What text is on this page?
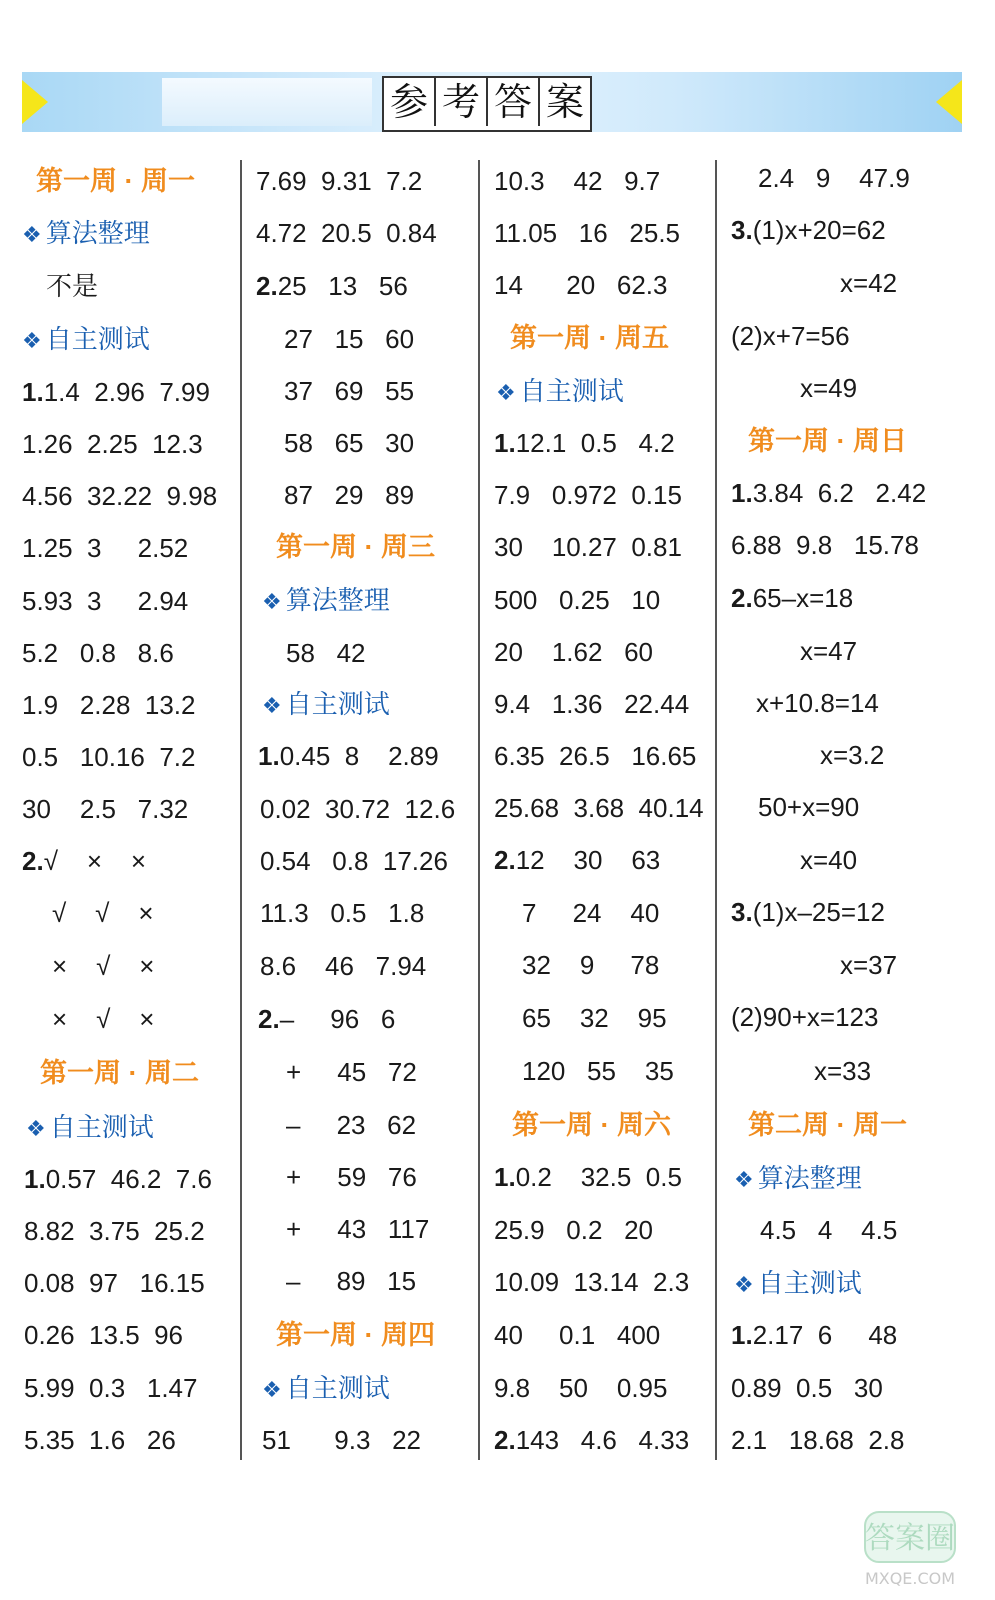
参 考 答 案
第一周 · 周一
❖ 算法整理
不是
❖ 自主测试
1.1.4  2.96  7.99
1.26  2.25  12.3
4.56  32.22  9.98
1.25  3     2.52
5.93  3     2.94
5.2   0.8   8.6
1.9   2.28  13.2
0.5   10.16  7.2
30    2.5   7.32
2.√    ×    ×
√    √    ×
×    √    ×
×    √    ×
第一周 · 周二
❖ 自主测试
1.0.57  46.2  7.6
8.82  3.75  25.2
0.08  97   16.15
0.26  13.5  96
5.99  0.3   1.47
5.35  1.6   26
7.69  9.31  7.2
4.72  20.5  0.84
2.25   13   56
27   15   60
37   69   55
58   65   30
87   29   89
第一周 · 周三
❖ 算法整理
58   42
❖ 自主测试
1.0.45  8    2.89
0.02  30.72  12.6
0.54   0.8  17.26
11.3   0.5   1.8
8.6    46   7.94
2.–     96   6
+     45   72
–     23   62
+     59   76
+     43   117
–     89   15
第一周 · 周四
❖ 自主测试
51      9.3   22
10.3    42   9.7
11.05   16   25.5
14      20   62.3
第一周 · 周五
❖ 自主测试
1.12.1  0.5   4.2
7.9   0.972  0.15
30    10.27  0.81
500   0.25   10
20    1.62   60
9.4   1.36   22.44
6.35  26.5   16.65
25.68  3.68  40.14
2.12    30    63
7     24    40
32    9     78
65    32    95
120   55    35
第一周 · 周六
1.0.2    32.5  0.5
25.9   0.2   20
10.09  13.14  2.3
40     0.1   400
9.8    50    0.95
2.143   4.6   4.33
2.4   9    47.9
3.(1)x+20=62
x=42
(2)x+7=56
x=49
第一周 · 周日
1.3.84  6.2   2.42
6.88  9.8   15.78
2.65–x=18
x=47
x+10.8=14
x=3.2
50+x=90
x=40
3.(1)x–25=12
x=37
(2)90+x=123
x=33
第二周 · 周一
❖ 算法整理
4.5   4    4.5
❖ 自主测试
1.2.17  6     48
0.89  0.5   30
2.1   18.68  2.8
答案圈
MXQE.COM
